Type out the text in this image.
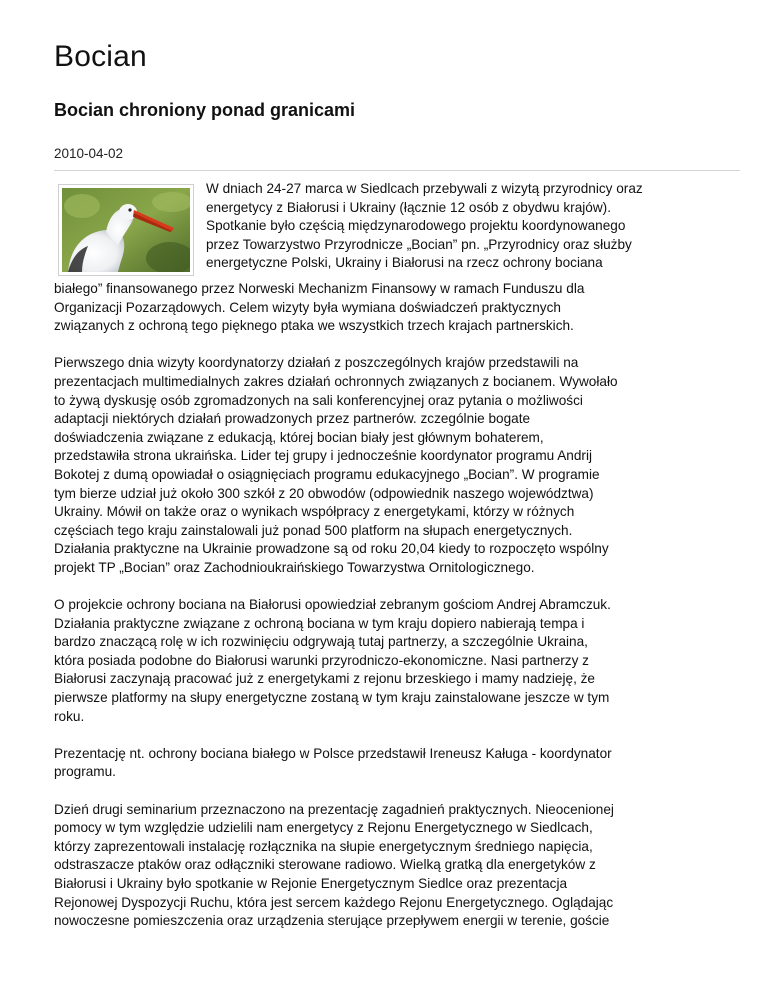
Bocian
Bocian chroniony ponad granicami
2010-04-02

W dniach 24-27 marca w Siedlcach przebywali z wizytą przyrodnicy oraz
energetycy z Białorusi i Ukrainy (łącznie 12 osób z obydwu krajów).
Spotkanie było częścią międzynarodowego projektu koordynowanego
przez Towarzystwo Przyrodnicze „Bocian” pn. „Przyrodnicy oraz służby
energetyczne Polski, Ukrainy i Białorusi na rzecz ochrony bociana
białego” finansowanego przez Norweski Mechanizm Finansowy w ramach Funduszu dla
Organizacji Pozarządowych. Celem wizyty była wymiana doświadczeń praktycznych
związanych z ochroną tego pięknego ptaka we wszystkich trzech krajach partnerskich.

Pierwszego dnia wizyty koordynatorzy działań z poszczególnych krajów przedstawili na
prezentacjach multimedialnych zakres działań ochronnych związanych z bocianem. Wywołało
to żywą dyskusję osób zgromadzonych na sali konferencyjnej oraz pytania o możliwości
adaptacji niektórych działań prowadzonych przez partnerów. zczególnie bogate
doświadczenia związane z edukacją, której bocian biały jest głównym bohaterem,
przedstawiła strona ukraińska. Lider tej grupy i jednocześnie koordynator programu Andrij
Bokotej z dumą opowiadał o osiągnięciach programu edukacyjnego „Bocian”. W programie
tym bierze udział już około 300 szkół z 20 obwodów (odpowiednik naszego województwa)
Ukrainy. Mówił on także oraz o wynikach współpracy z energetykami, którzy w różnych
częściach tego kraju zainstalowali już ponad 500 platform na słupach energetycznych.
Działania praktyczne na Ukrainie prowadzone są od roku 20,04 kiedy to rozpoczęto wspólny
projekt TP „Bocian” oraz Zachodnioukraińskiego Towarzystwa Ornitologicznego.

O projekcie ochrony bociana na Białorusi opowiedział zebranym gościom Andrej Abramczuk.
Działania praktyczne związane z ochroną bociana w tym kraju dopiero nabierają tempa i
bardzo znaczącą rolę w ich rozwinięciu odgrywają tutaj partnerzy, a szczególnie Ukraina,
która posiada podobne do Białorusi warunki przyrodniczo-ekonomiczne. Nasi partnerzy z
Białorusi zaczynają pracować już z energetykami z rejonu brzeskiego i mamy nadzieję, że
pierwsze platformy na słupy energetyczne zostaną w tym kraju zainstalowane jeszcze w tym
roku.

Prezentację nt. ochrony bociana białego w Polsce przedstawił Ireneusz Kaługa - koordynator
programu.

Dzień drugi seminarium przeznaczono na prezentację zagadnień praktycznych. Nieocenionej
pomocy w tym względzie udzielili nam energetycy z Rejonu Energetycznego w Siedlcach,
którzy zaprezentowali instalację rozłącznika na słupie energetycznym średniego napięcia,
odstraszacze ptaków oraz odłączniki sterowane radiowo. Wielką gratką dla energetyków z
Białorusi i Ukrainy było spotkanie w Rejonie Energetycznym Siedlce oraz prezentacja
Rejonowej Dyspozycji Ruchu, która jest sercem każdego Rejonu Energetycznego. Oglądając
nowoczesne pomieszczenia oraz urządzenia sterujące przepływem energii w terenie, goście
